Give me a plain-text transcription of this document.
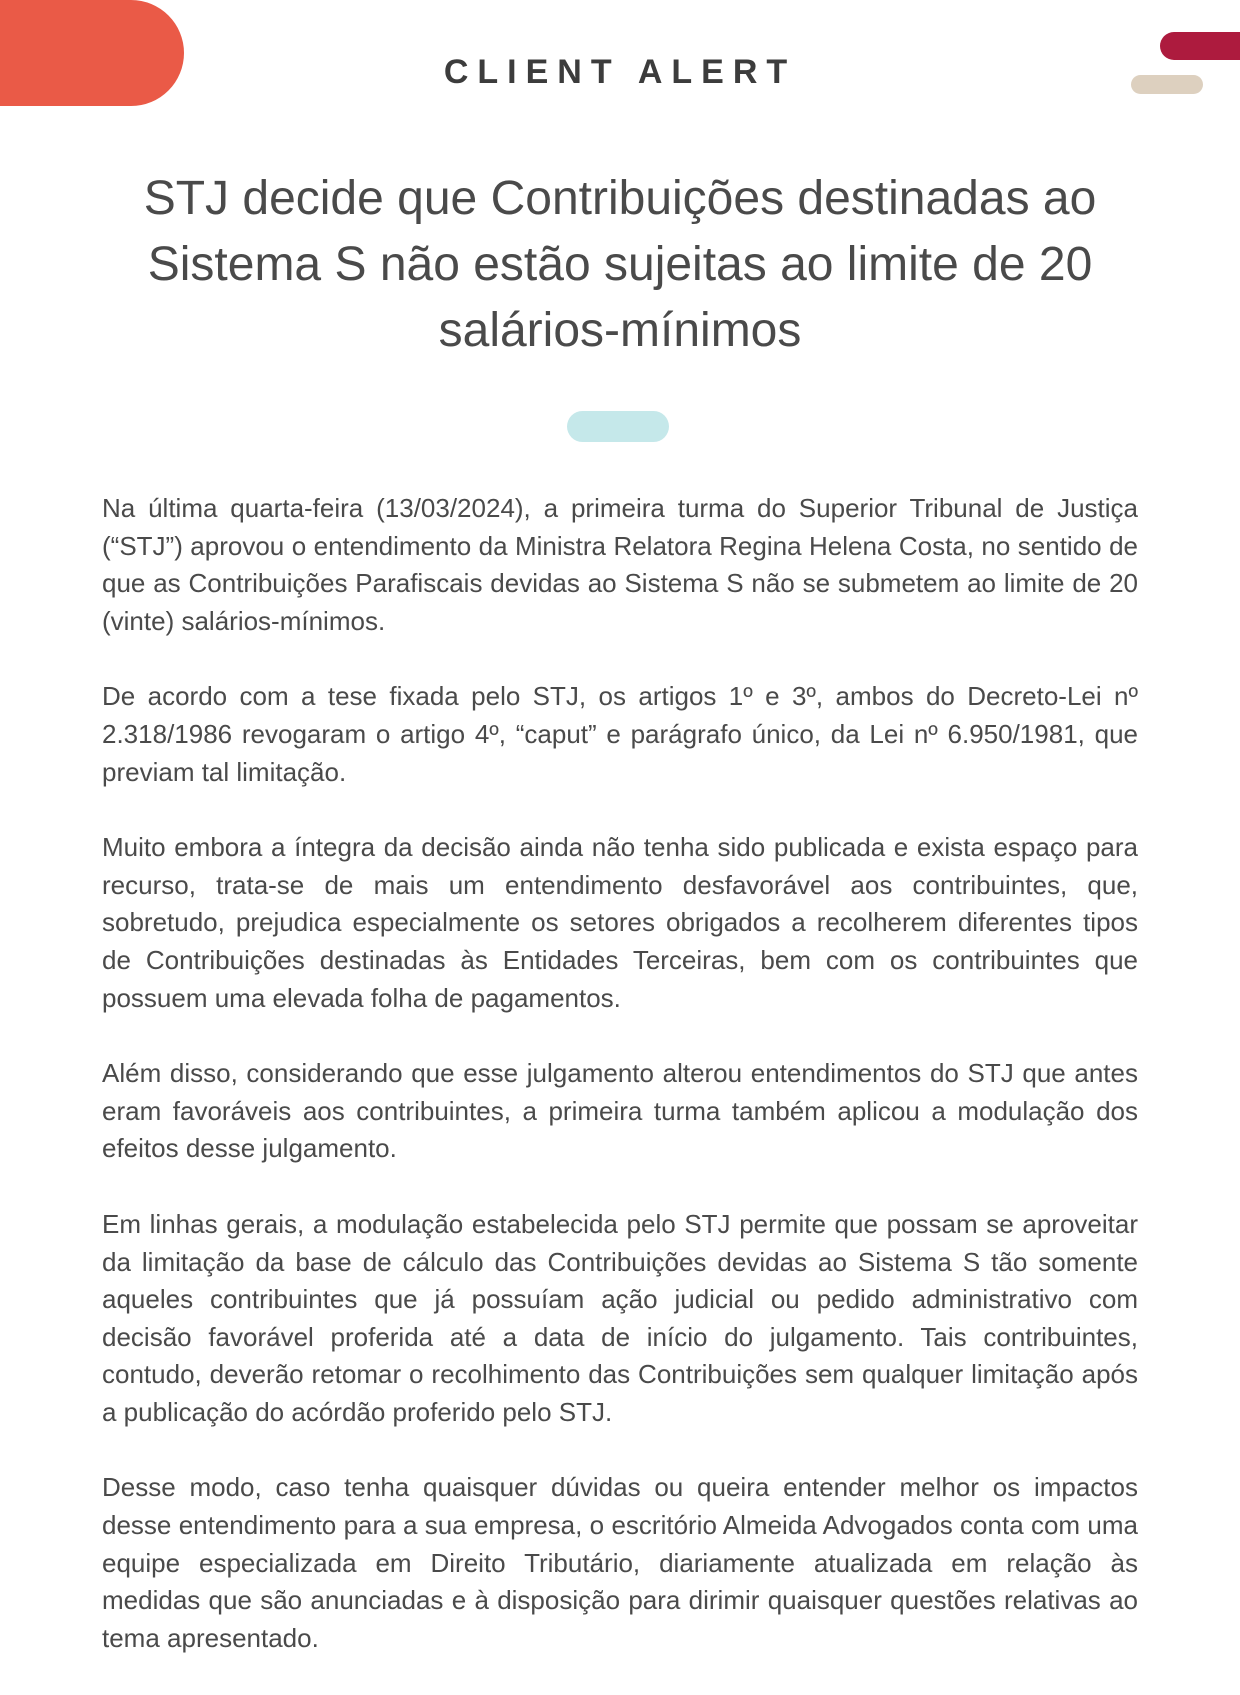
CLIENT ALERT
STJ decide que Contribuições destinadas ao Sistema S não estão sujeitas ao limite de 20 salários-mínimos

Na última quarta-feira (13/03/2024), a primeira turma do Superior Tribunal de Justiça (“STJ”) aprovou o entendimento da Ministra Relatora Regina Helena Costa, no sentido de que as Contribuições Parafiscais devidas ao Sistema S não se submetem ao limite de 20 (vinte) salários-mínimos.

De acordo com a tese fixada pelo STJ, os artigos 1º e 3º, ambos do Decreto-Lei nº 2.318/1986 revogaram o artigo 4º, “caput” e parágrafo único, da Lei nº 6.950/1981, que previam tal limitação.

Muito embora a íntegra da decisão ainda não tenha sido publicada e exista espaço para recurso, trata-se de mais um entendimento desfavorável aos contribuintes, que, sobretudo, prejudica especialmente os setores obrigados a recolherem diferentes tipos de Contribuições destinadas às Entidades Terceiras, bem com os contribuintes que possuem uma elevada folha de pagamentos.

Além disso, considerando que esse julgamento alterou entendimentos do STJ que antes eram favoráveis aos contribuintes, a primeira turma também aplicou a modulação dos efeitos desse julgamento.

Em linhas gerais, a modulação estabelecida pelo STJ permite que possam se aproveitar da limitação da base de cálculo das Contribuições devidas ao Sistema S tão somente aqueles contribuintes que já possuíam ação judicial ou pedido administrativo com decisão favorável proferida até a data de início do julgamento. Tais contribuintes, contudo, deverão retomar o recolhimento das Contribuições sem qualquer limitação após a publicação do acórdão proferido pelo STJ.

Desse modo, caso tenha quaisquer dúvidas ou queira entender melhor os impactos desse entendimento para a sua empresa, o escritório Almeida Advogados conta com uma equipe especializada em Direito Tributário, diariamente atualizada em relação às medidas que são anunciadas e à disposição para dirimir quaisquer questões relativas ao tema apresentado.
